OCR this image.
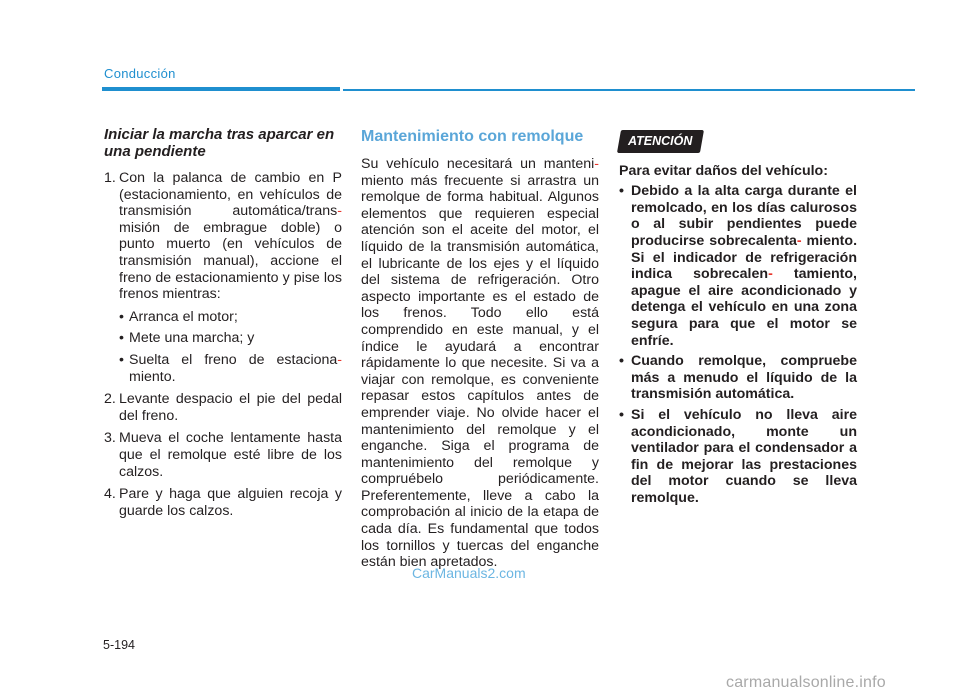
Conducción
Iniciar la marcha tras aparcar en una pendiente
1. Con la palanca de cambio en P (estacionamiento, en vehículos de transmisión automática/trans- misión de embrague doble) o punto muerto (en vehículos de transmisión manual), accione el freno de estacionamiento y pise los frenos mientras:
• Arranca el motor;
• Mete una marcha; y
• Suelta el freno de estaciona- miento.
2. Levante despacio el pie del pedal del freno.
3. Mueva el coche lentamente hasta que el remolque esté libre de los calzos.
4. Pare y haga que alguien recoja y guarde los calzos.
Mantenimiento con remolque

Su vehículo necesitará un manteni- miento más frecuente si arrastra un remolque de forma habitual. Algunos elementos que requieren especial atención son el aceite del motor, el líquido de la transmisión automática, el lubricante de los ejes y el líquido del sistema de refrigeración. Otro aspecto importante es el estado de los frenos. Todo ello está comprendido en este manual, y el índice le ayudará a encontrar rápidamente lo que necesite. Si va a viajar con remolque, es conveniente repasar estos capítulos antes de emprender viaje. No olvide hacer el mantenimiento del remolque y el enganche. Siga el programa de mantenimiento del remolque y compruébelo periódicamente. Preferentemente, lleve a cabo la comprobación al inicio de la etapa de cada día. Es fundamental que todos los tornillos y tuercas del enganche están bien apretados.

ATENCIÓN
Para evitar daños del vehículo:
• Debido a la alta carga durante el remolcado, en los días calurosos o al subir pendientes puede producirse sobrecalenta- miento. Si el indicador de refrigeración indica sobrecalen- tamiento, apague el aire acondicionado y detenga el vehículo en una zona segura para que el motor se enfríe.
• Cuando remolque, compruebe más a menudo el líquido de la transmisión automática.
• Si el vehículo no lleva aire acondicionado, monte un ventilador para el condensador a fin de mejorar las prestaciones del motor cuando se lleva remolque.
CarManuals2.com
5-194
carmanualsonline.info
